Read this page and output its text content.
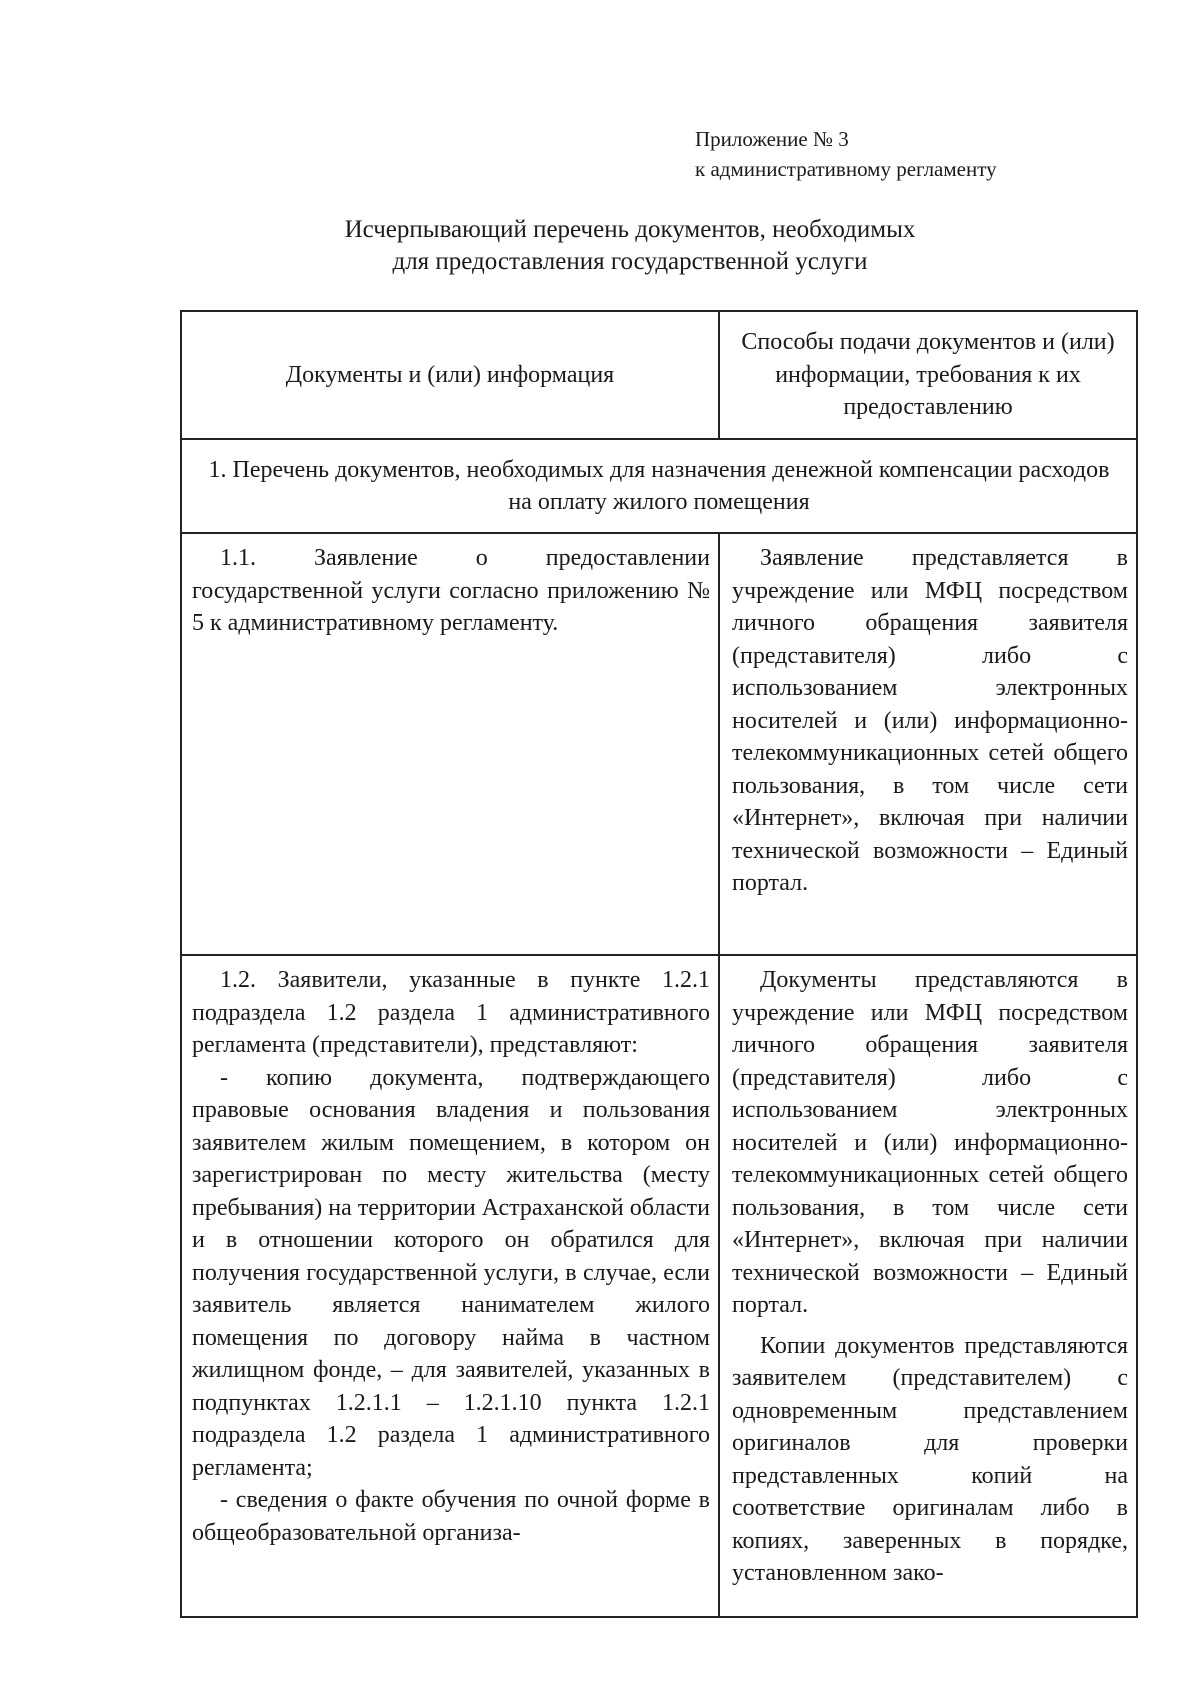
Приложение № 3
к административному регламенту
Исчерпывающий перечень документов, необходимых
для предоставления государственной услуги
Документы и (или) информация
Способы подачи документов и (или) информации, требования к их предоставлению
1. Перечень документов, необходимых для назначения денежной компенсации расходов на оплату жилого помещения

1.1. Заявление о предоставлении государственной услуги согласно приложению № 5 к административному регламенту.

Заявление представляется в учреждение или МФЦ посредством личного обращения заявителя (представителя) либо с использованием электронных носителей и (или) информационно-телекоммуникационных сетей общего пользования, в том числе сети «Интернет», включая при наличии технической возможности – Единый портал.

1.2. Заявители, указанные в пункте 1.2.1 подраздела 1.2 раздела 1 административного регламента (представители), представляют:

- копию документа, подтверждающего правовые основания владения и пользования заявителем жилым помещением, в котором он зарегистрирован по месту жительства (месту пребывания) на территории Астраханской области и в отношении которого он обратился для получения государственной услуги, в случае, если заявитель является нанимателем жилого помещения по договору найма в частном жилищном фонде, – для заявителей, указанных в подпунктах 1.2.1.1 – 1.2.1.10 пункта 1.2.1 подраздела 1.2 раздела 1 административного регламента;

- сведения о факте обучения по очной форме в общеобразовательной организа-

Документы представляются в учреждение или МФЦ посредством личного обращения заявителя (представителя) либо с использованием электронных носителей и (или) информационно-телекоммуникационных сетей общего пользования, в том числе сети «Интернет», включая при наличии технической возможности – Единый портал.

Копии документов представляются заявителем (представителем) с одновременным представлением оригиналов для проверки представленных копий на соответствие оригиналам либо в копиях, заверенных в порядке, установленном зако-
